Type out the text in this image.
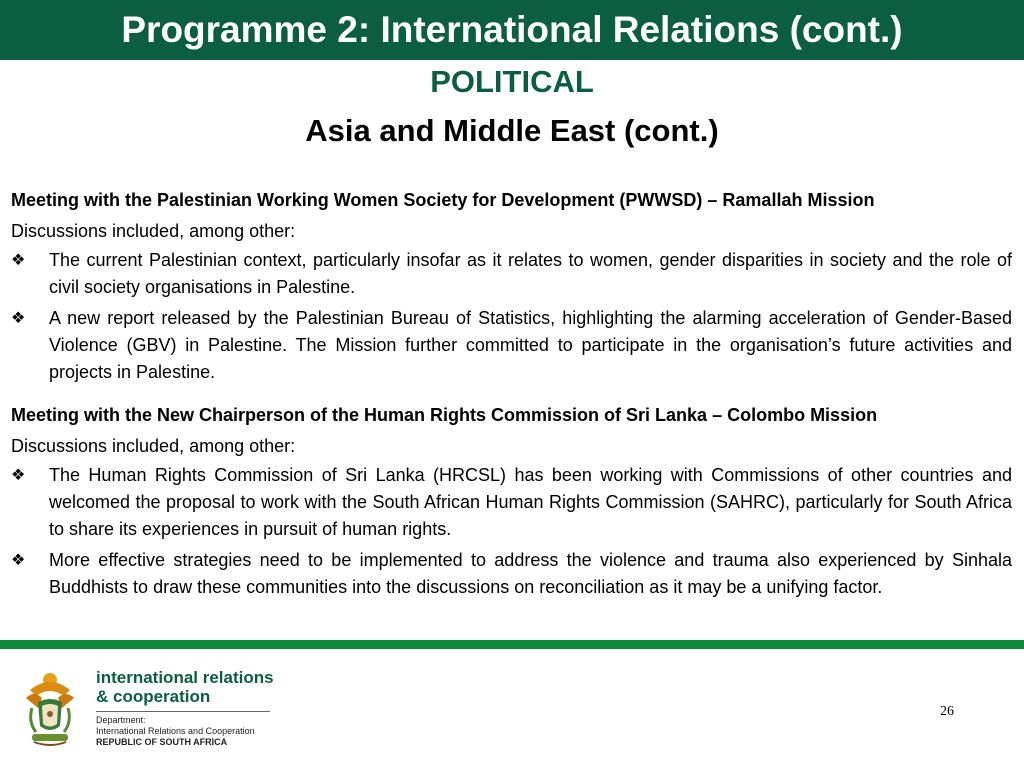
Programme 2: International Relations (cont.)
POLITICAL
Asia and Middle East (cont.)

Meeting with the Palestinian Working Women Society for Development (PWWSD) – Ramallah Mission

Discussions included, among other:

❖	The current Palestinian context, particularly insofar as it relates to women, gender disparities in society and the role of civil society organisations in Palestine.
❖	A new report released by the Palestinian Bureau of Statistics, highlighting the alarming acceleration of Gender-Based Violence (GBV) in Palestine. The Mission further committed to participate in the organisation’s future activities and projects in Palestine.

Meeting with the New Chairperson of the Human Rights Commission of Sri Lanka – Colombo Mission

Discussions included, among other:

❖	The Human Rights Commission of Sri Lanka (HRCSL) has been working with Commissions of other countries and welcomed the proposal to work with the South African Human Rights Commission (SAHRC), particularly for South Africa to share its experiences in pursuit of human rights.
❖	More effective strategies need to be implemented to address the violence and trauma also experienced by Sinhala Buddhists to draw these communities into the discussions on reconciliation as it may be a unifying factor.
international relations
& cooperation
Department:
International Relations and Cooperation
REPUBLIC OF SOUTH AFRICA
26
